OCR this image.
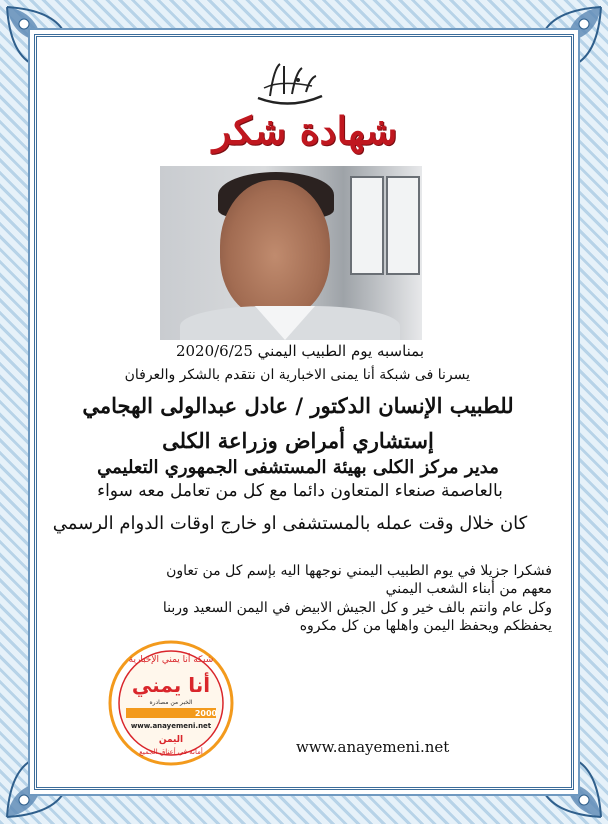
شهادة شكر
بمناسبه يوم الطبيب اليمني 2020/6/25
يسرنا فى شبكة أنا يمنى الاخبارية ان نتقدم بالشكر والعرفان
للطبيب الإنسان الدكتور / عادل عبدالولى الهجامي
إستشاري أمراض وزراعة الكلى
مدير مركز الكلى بهيئة المستشفى الجمهوري التعليمي
بالعاصمة صنعاء المتعاون دائما مع كل من تعامل معه سواء
كان خلال وقت عمله بالمستشفى او خارج اوقات الدوام الرسمي
فشكرا جزيلا في يوم الطبيب اليمني نوجهها اليه بإسم كل من تعاون
معهم من أبناء الشعب اليمني
وكل عام وانتم بالف خير و كل الجيش الابيض في اليمن السعيد وربنا
يحفظكم ويحفظ اليمن واهلها من كل مكروه
شبكة أنا يمني الإخبارية
أنا يمني
الخبر من مصادره
2000
www.anayemeni.net
اليمن
أمانة في أعناق الجميع	www.anayemeni.net
